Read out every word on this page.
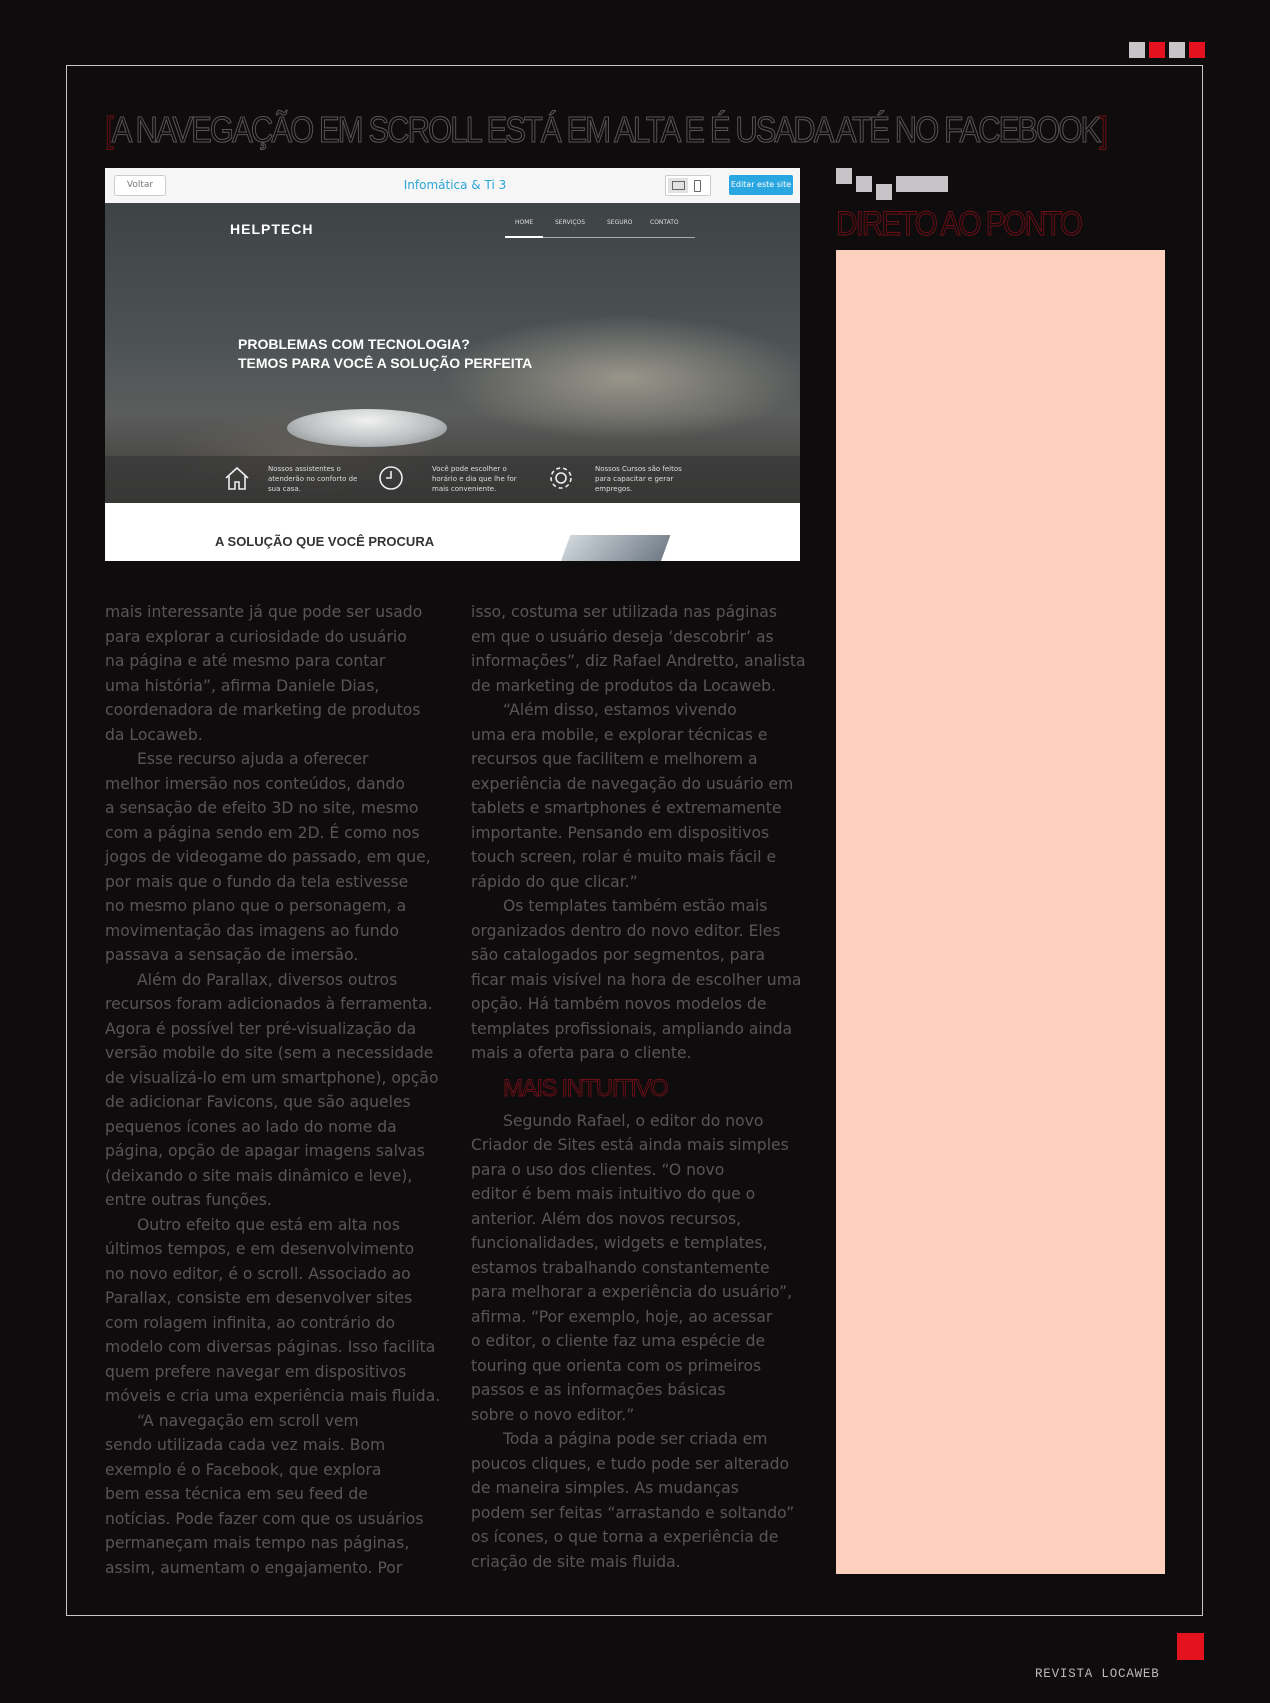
[A NAVEGAÇÃO EM SCROLL ESTÁ EM ALTA E É USADA ATÉ NO FACEBOOK]
Voltar	Infomática & Ti 3	Editar este site
HELPTECH	HOME	SERVIÇOS	SEGURO	CONTATO
PROBLEMAS COM TECNOLOGIA?
TEMOS PARA VOCÊ A SOLUÇÃO PERFEITA
Nossos assistentes o atenderão no conforto de sua casa.
Você pode escolher o horário e dia que lhe for mais conveniente.
Nossos Cursos são feitos para capacitar e gerar empregos.
A SOLUÇÃO QUE VOCÊ PROCURA
DIRETO AO PONTO

mais interessante já que pode ser usado

para explorar a curiosidade do usuário

na página e até mesmo para contar

uma história”, afirma Daniele Dias,

coordenadora de marketing de produtos

da Locaweb.

Esse recurso ajuda a oferecer

melhor imersão nos conteúdos, dando

a sensação de efeito 3D no site, mesmo

com a página sendo em 2D. É como nos

jogos de videogame do passado, em que,

por mais que o fundo da tela estivesse

no mesmo plano que o personagem, a

movimentação das imagens ao fundo

passava a sensação de imersão.

Além do Parallax, diversos outros

recursos foram adicionados à ferramenta.

Agora é possível ter pré-visualização da

versão mobile do site (sem a necessidade

de visualizá-lo em um smartphone), opção

de adicionar Favicons, que são aqueles

pequenos ícones ao lado do nome da

página, opção de apagar imagens salvas

(deixando o site mais dinâmico e leve),

entre outras funções.

Outro efeito que está em alta nos

últimos tempos, e em desenvolvimento

no novo editor, é o scroll. Associado ao

Parallax, consiste em desenvolver sites

com rolagem infinita, ao contrário do

modelo com diversas páginas. Isso facilita

quem prefere navegar em dispositivos

móveis e cria uma experiência mais fluida.

“A navegação em scroll vem

sendo utilizada cada vez mais. Bom

exemplo é o Facebook, que explora

bem essa técnica em seu feed de

notícias. Pode fazer com que os usuários

permaneçam mais tempo nas páginas,

assim, aumentam o engajamento. Por

isso, costuma ser utilizada nas páginas

em que o usuário deseja ‘descobrir’ as

informações”, diz Rafael Andretto, analista

de marketing de produtos da Locaweb.

“Além disso, estamos vivendo

uma era mobile, e explorar técnicas e

recursos que facilitem e melhorem a

experiência de navegação do usuário em

tablets e smartphones é extremamente

importante. Pensando em dispositivos

touch screen, rolar é muito mais fácil e

rápido do que clicar.”

Os templates também estão mais

organizados dentro do novo editor. Eles

são catalogados por segmentos, para

ficar mais visível na hora de escolher uma

opção. Há também novos modelos de

templates profissionais, ampliando ainda

mais a oferta para o cliente.

MAIS INTUITIVO

Segundo Rafael, o editor do novo

Criador de Sites está ainda mais simples

para o uso dos clientes. “O novo

editor é bem mais intuitivo do que o

anterior. Além dos novos recursos,

funcionalidades, widgets e templates,

estamos trabalhando constantemente

para melhorar a experiência do usuário”,

afirma. “Por exemplo, hoje, ao acessar

o editor, o cliente faz uma espécie de

touring que orienta com os primeiros

passos e as informações básicas

sobre o novo editor.”

Toda a página pode ser criada em

poucos cliques, e tudo pode ser alterado

de maneira simples. As mudanças

podem ser feitas “arrastando e soltando”

os ícones, o que torna a experiência de

criação de site mais fluida.

REVISTA LOCAWEB
